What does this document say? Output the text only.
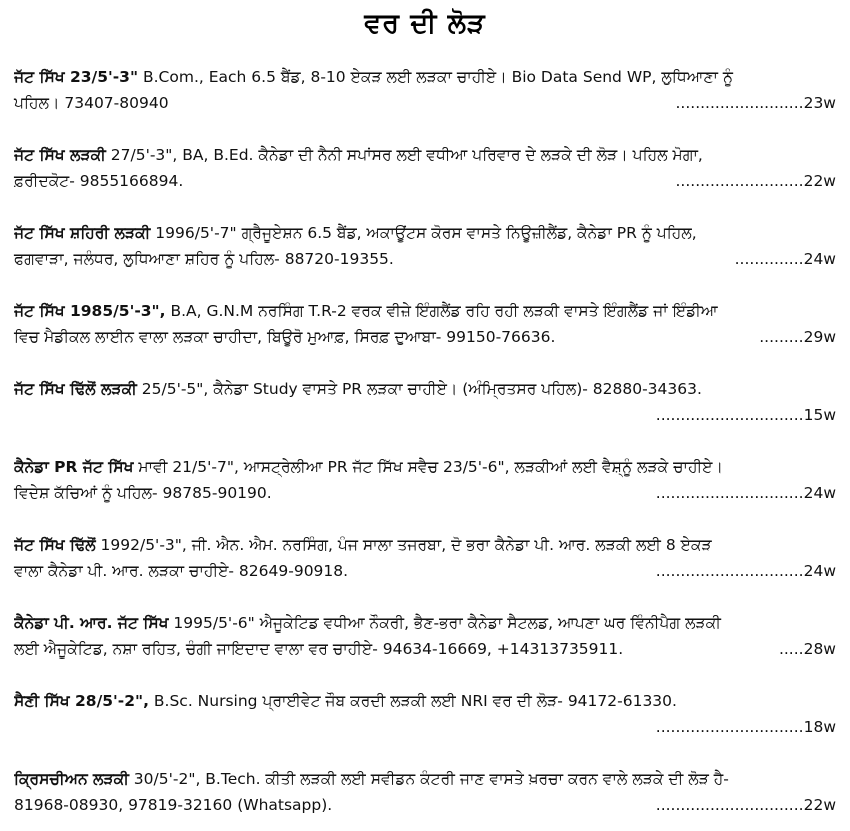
ਵਰ ਦੀ ਲੋੜ
ਜੱਟ ਸਿੱਖ 23/5'-3" B.Com., Each 6.5 ਬੈਂਡ, 8-10 ਏਕੜ ਲਈ ਲੜਕਾ ਚਾਹੀਏ। Bio Data Send WP, ਲੁਧਿਆਣਾ ਨੂੰ
ਪਹਿਲ। 73407-80940	..........................23w
ਜੱਟ ਸਿੱਖ ਲੜਕੀ 27/5'-3", BA, B.Ed. ਕੈਨੇਡਾ ਦੀ ਨੈਨੀ ਸਪਾਂਸਰ ਲਈ ਵਧੀਆ ਪਰਿਵਾਰ ਦੇ ਲੜਕੇ ਦੀ ਲੋੜ। ਪਹਿਲ ਮੋਗਾ,
ਫ਼ਰੀਦਕੋਟ- 9855166894.	..........................22w
ਜੱਟ ਸਿੱਖ ਸ਼ਹਿਰੀ ਲੜਕੀ 1996/5'-7" ਗ੍ਰੈਜੂਏਸ਼ਨ 6.5 ਬੈਂਡ, ਅਕਾਊਂਟਸ ਕੋਰਸ ਵਾਸਤੇ ਨਿਊਜ਼ੀਲੈਂਡ, ਕੈਨੇਡਾ PR ਨੂੰ ਪਹਿਲ,
ਫਗਵਾੜਾ, ਜਲੰਧਰ, ਲੁਧਿਆਣਾ ਸ਼ਹਿਰ ਨੂੰ ਪਹਿਲ- 88720-19355.	..............24w
ਜੱਟ ਸਿੱਖ 1985/5'-3", B.A, G.N.M ਨਰਸਿੰਗ T.R-2 ਵਰਕ ਵੀਜ਼ੇ ਇੰਗਲੈਂਡ ਰਹਿ ਰਹੀ ਲੜਕੀ ਵਾਸਤੇ ਇੰਗਲੈਂਡ ਜਾਂ ਇੰਡੀਆ
ਵਿਚ ਮੈਡੀਕਲ ਲਾਈਨ ਵਾਲਾ ਲੜਕਾ ਚਾਹੀਦਾ, ਬਿਊਰੋ ਮੁਆਫ਼, ਸਿਰਫ਼ ਦੁਆਬਾ- 99150-76636.	.........29w
ਜੱਟ ਸਿੱਖ ਢਿੱਲੋਂ ਲੜਕੀ 25/5'-5", ਕੈਨੇਡਾ Study ਵਾਸਤੇ PR ਲੜਕਾ ਚਾਹੀਏ। (ਅੰਮ੍ਰਿਤਸਰ ਪਹਿਲ)- 82880-34363.
..............................15w
ਕੈਨੇਡਾ PR ਜੱਟ ਸਿੱਖ ਮਾਵੀ 21/5'-7", ਆਸਟ੍ਰੇਲੀਆ PR ਜੱਟ ਸਿੱਖ ਸਵੈਚ 23/5'-6", ਲੜਕੀਆਂ ਲਈ ਵੈਸ਼੍ਨੂੰ ਲੜਕੇ ਚਾਹੀਏ।
ਵਿਦੇਸ਼ ਕੱਚਿਆਂ ਨੂੰ ਪਹਿਲ- 98785-90190.	..............................24w
ਜੱਟ ਸਿੱਖ ਢਿੱਲੋਂ 1992/5'-3", ਜੀ. ਐਨ. ਐਮ. ਨਰਸਿੰਗ, ਪੰਜ ਸਾਲਾ ਤਜਰਬਾ, ਦੋ ਭਰਾ ਕੈਨੇਡਾ ਪੀ. ਆਰ. ਲੜਕੀ ਲਈ 8 ਏਕੜ
ਵਾਲਾ ਕੈਨੇਡਾ ਪੀ. ਆਰ. ਲੜਕਾ ਚਾਹੀਏ- 82649-90918.	..............................24w
ਕੈਨੇਡਾ ਪੀ. ਆਰ. ਜੱਟ ਸਿੱਖ 1995/5'-6" ਐਜੂਕੇਟਿਡ ਵਧੀਆ ਨੌਕਰੀ, ਭੈਣ-ਭਰਾ ਕੈਨੇਡਾ ਸੈਟਲਡ, ਆਪਣਾ ਘਰ ਵਿੰਨੀਪੈਗ ਲੜਕੀ
ਲਈ ਐਜੂਕੇਟਿਡ, ਨਸ਼ਾ ਰਹਿਤ, ਚੰਗੀ ਜਾਇਦਾਦ ਵਾਲਾ ਵਰ ਚਾਹੀਏ- 94634-16669, +14313735911.	.....28w
ਸੈਣੀ ਸਿੱਖ 28/5'-2", B.Sc. Nursing ਪ੍ਰਾਈਵੇਟ ਜੌਬ ਕਰਦੀ ਲੜਕੀ ਲਈ NRI ਵਰ ਦੀ ਲੋੜ- 94172-61330.
..............................18w
ਕ੍ਰਿਸਚੀਅਨ ਲੜਕੀ 30/5'-2", B.Tech. ਕੀਤੀ ਲੜਕੀ ਲਈ ਸਵੀਡਨ ਕੰਟਰੀ ਜਾਣ ਵਾਸਤੇ ਖ਼ਰਚਾ ਕਰਨ ਵਾਲੇ ਲੜਕੇ ਦੀ ਲੋੜ ਹੈ-
81968-08930, 97819-32160 (Whatsapp).	..............................22w
